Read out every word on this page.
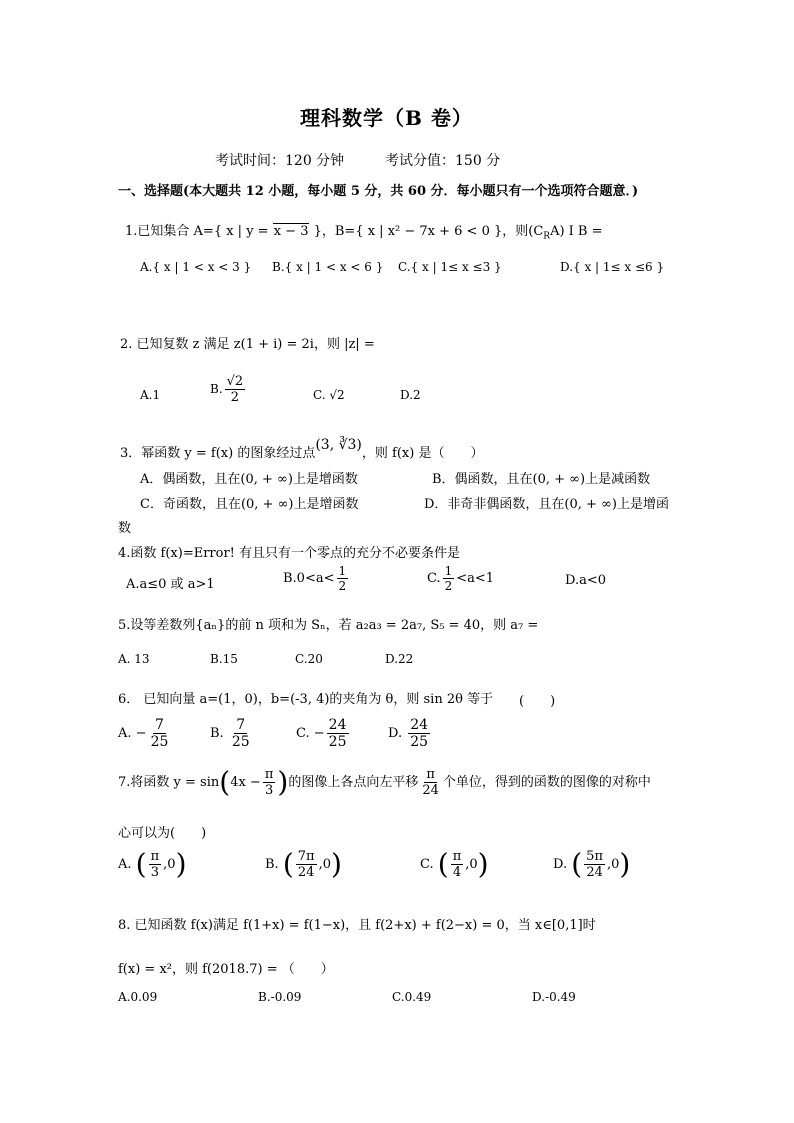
理科数学（B 卷）
考试时间：120 分钟	考试分值：150 分
一、选择题(本大题共 12 小题，每小题 5 分，共 60 分．每小题只有一个选项符合题意．)
1.已知集合 A={ x | y = x − 3 }，B={ x | x² − 7x + 6 < 0 }，则$(C_RA)$ I B =
A.{ x | 1 < x < 3 } B.{ x | 1 < x < 6 } C.{ x | 1≤ x ≤3 }	D.{ x | 1≤ x ≤6 }
2. 已知复数 z 满足 z(1 + i) = 2i，则 |z| =
A.1	B. $\frac{√2}{2}$	C. √2	D.2
3．幂函数 y = f(x) 的图象经过点(3, ∛3)，则 f(x) 是（　　）
A．偶函数，且在(0, + ∞)上是增函数	B．偶函数，且在(0, + ∞)上是减函数
C．奇函数，且在(0, + ∞)上是增函数	D．非奇非偶函数，且在(0, + ∞)上是增函
数
4.函数 f(x)=Error! 有且只有一个零点的充分不必要条件是
A.a≤0 或 a>1	$B.0<a< \frac{1}{2}$	C. $\frac{1}{2} <a<1$	D.a<0
5.设等差数列{aₙ}的前 n 项和为 Sₙ，若 a₂a₃ = 2a₇, S₅ = 40，则 a₇ =
A. 13	B.15	C.20	D.22
6． 已知向量 a=(1，0)，b=(-3, 4)的夹角为 θ，则 sin 2θ 等于 (　　)
A. − $\frac{7}{25}$	B. $\frac{7}{25}$	C. − $\frac{24}{25}$	D. $\frac{24}{25}$
7.将函数 $y = \sin(4x - \frac{\pi}{3}$ )的图像上各点向左平移 $\frac{\pi}{24}$ 个单位，得到的函数的图像的对称中
心可以为(　　)
A. ( $\frac{\pi}{3} ,0$)	B. ( $\frac{7\pi}{24} ,0$)	C. ( $\frac{\pi}{4} ,0$)	D. ( $\frac{5\pi}{24} ,0$)
8. 已知函数 f(x)满足 f(1+x) = f(1−x)，且 f(2+x) + f(2−x) = 0，当 x∈[0,1]时
f(x) = x²，则 f(2018.7) = （　　）
A.0.09	B.-0.09	C.0.49	D.-0.49
